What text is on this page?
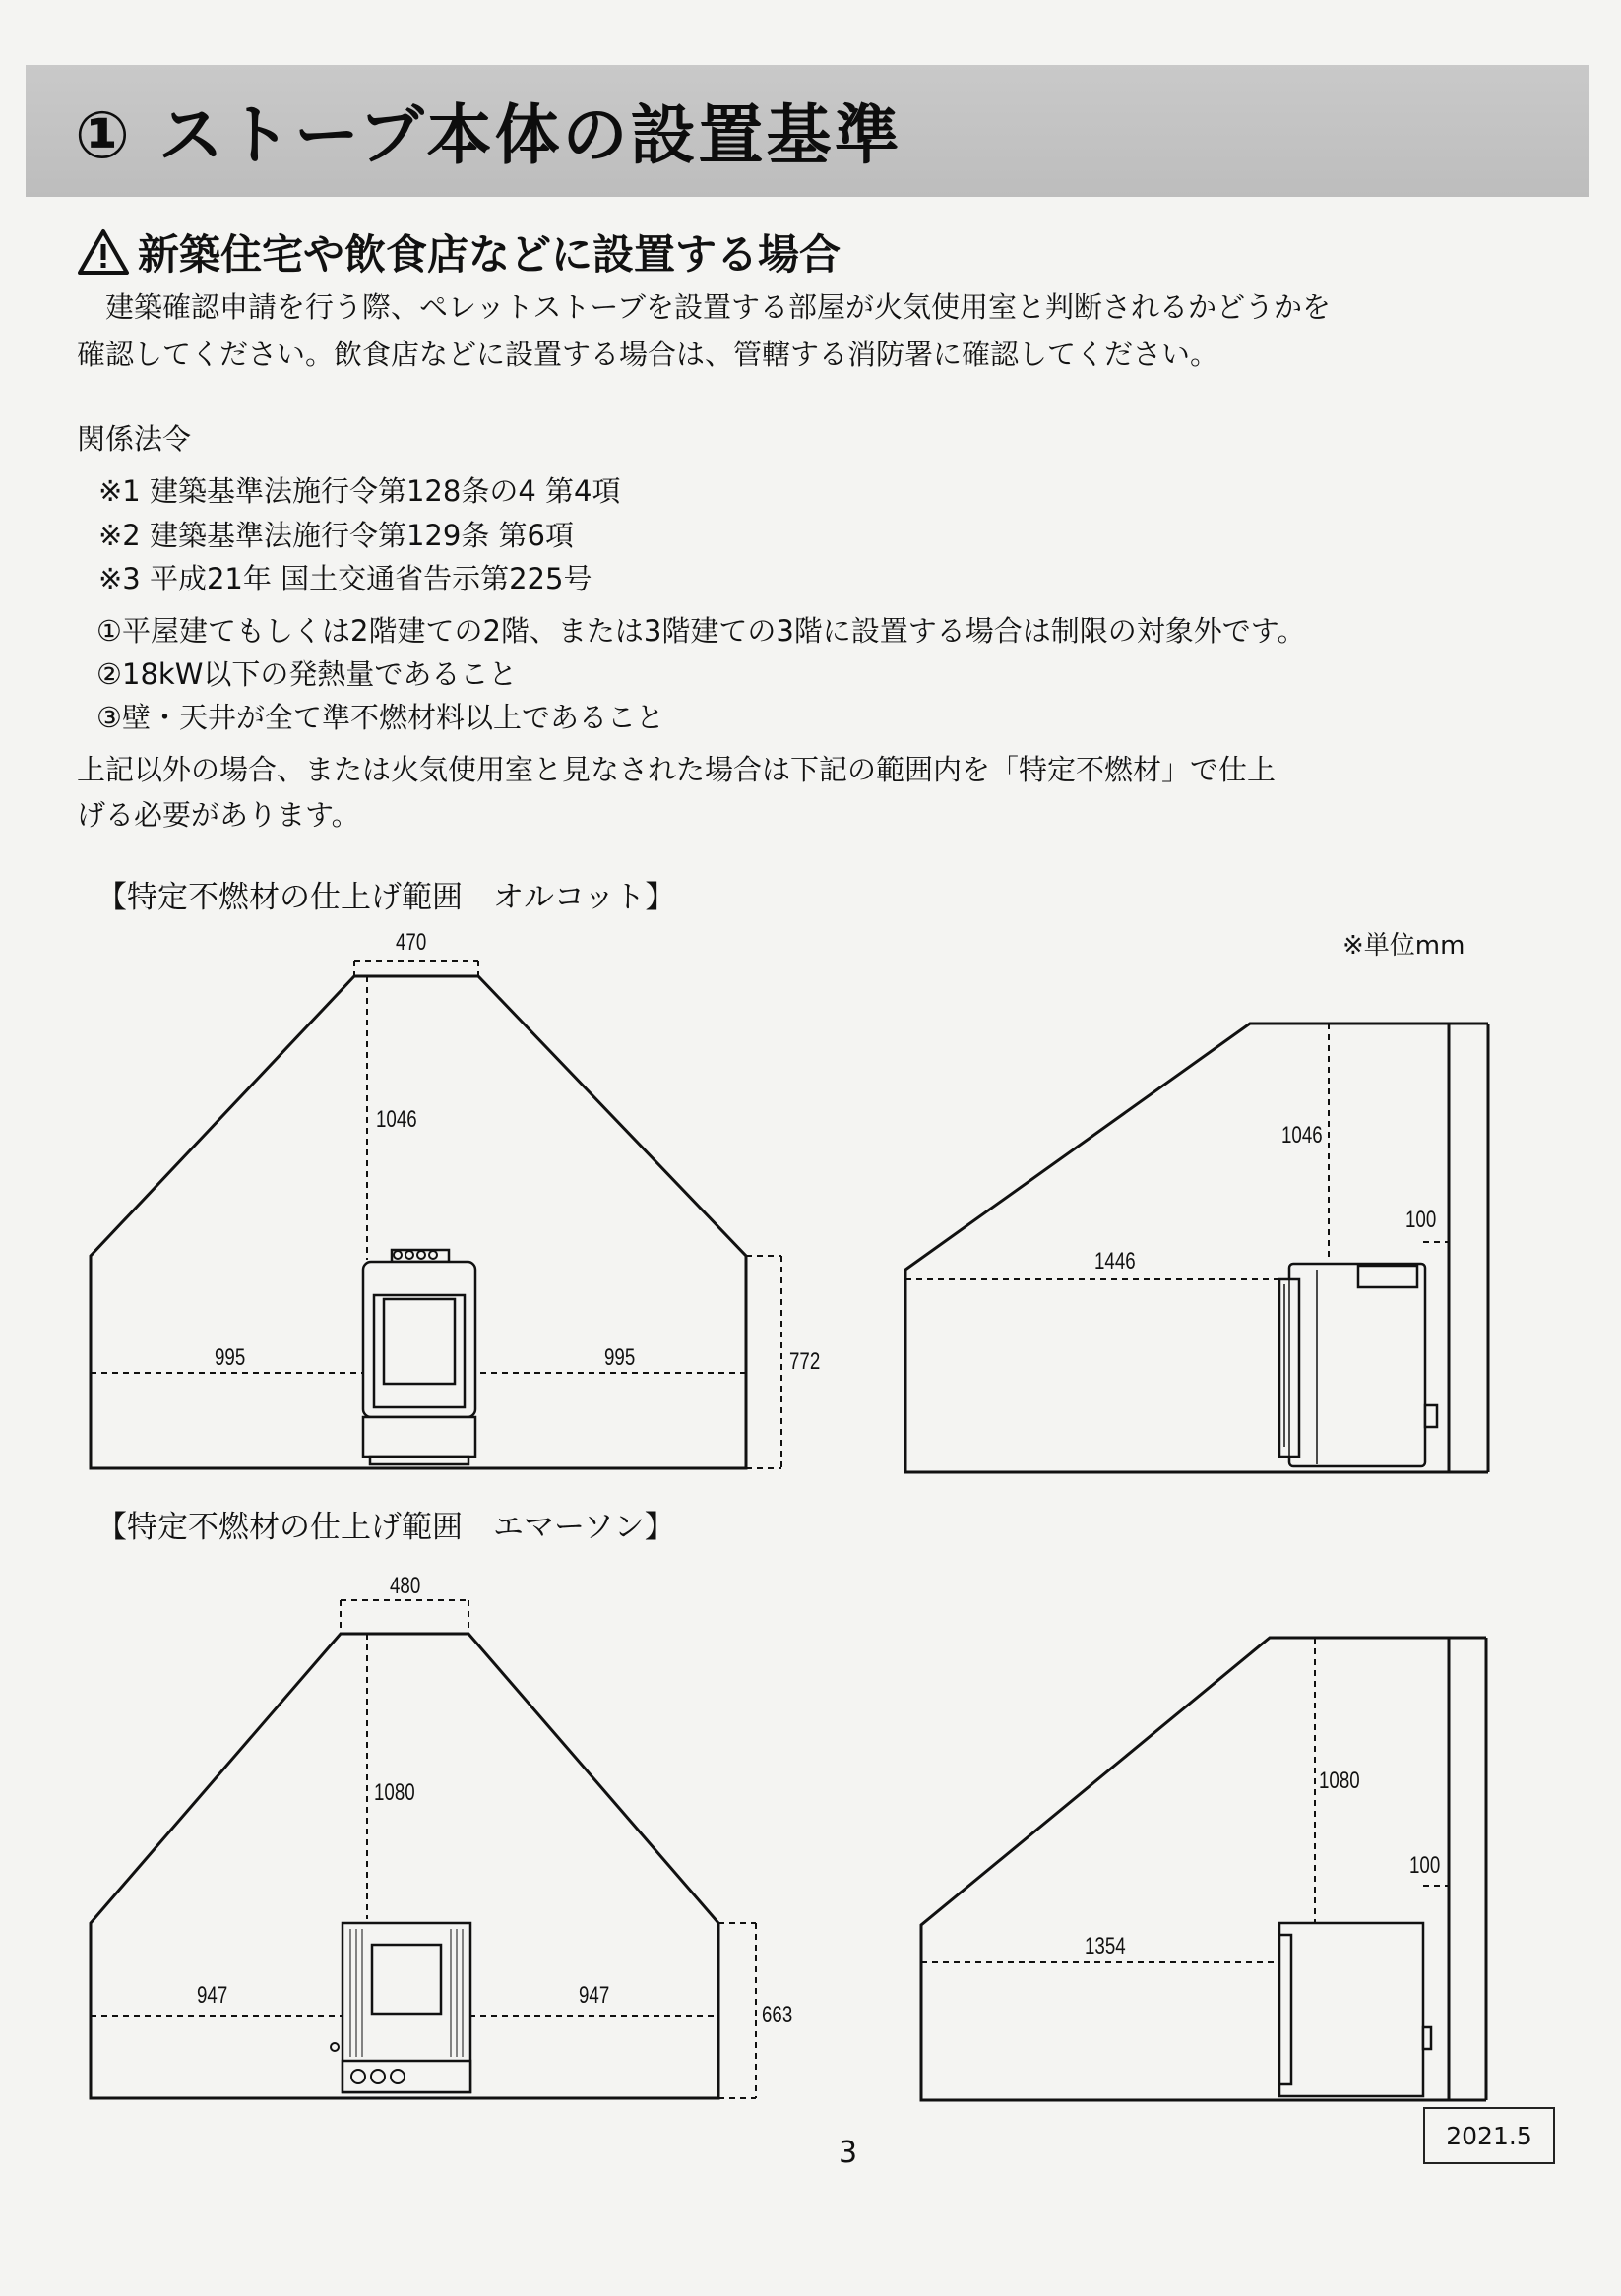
① ストーブ本体の設置基準
新築住宅や飲食店などに設置する場合
　建築確認申請を行う際、ペレットストーブを設置する部屋が火気使用室と判断されるかどうかを
確認してください。飲食店などに設置する場合は、管轄する消防署に確認してください。
関係法令
※1 建築基準法施行令第128条の4 第4項
※2 建築基準法施行令第129条 第6項
※3 平成21年 国土交通省告示第225号
①平屋建てもしくは2階建ての2階、または3階建ての3階に設置する場合は制限の対象外です。
②18kW以下の発熱量であること
③壁・天井が全て準不燃材料以上であること
上記以外の場合、または火気使用室と見なされた場合は下記の範囲内を「特定不燃材」で仕上
げる必要があります。
【特定不燃材の仕上げ範囲　オルコット】
※単位mm
470
1046
995	995	772
1046
1446
100
【特定不燃材の仕上げ範囲　エマーソン】
480
1080
947	947
663
1080
1354
100
3	2021.5
